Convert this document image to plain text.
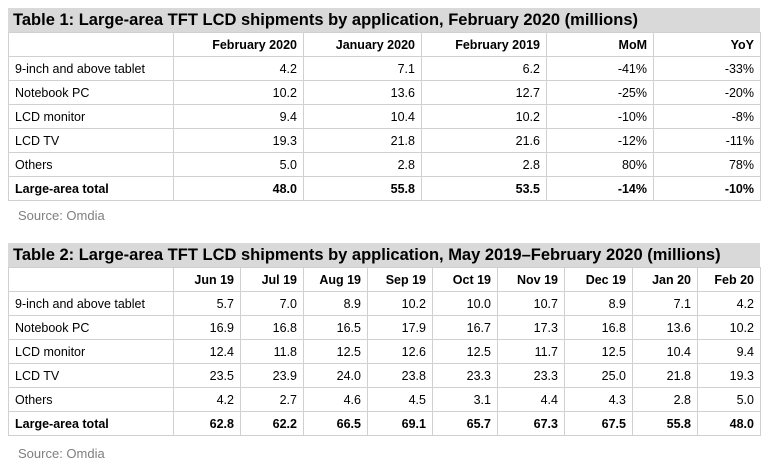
Table 1: Large-area TFT LCD shipments by application, February 2020 (millions)
	February 2020	January 2020	February 2019	MoM	YoY
9-inch and above tablet	4.2	7.1	6.2	-41%	-33%
Notebook PC	10.2	13.6	12.7	-25%	-20%
LCD monitor	9.4	10.4	10.2	-10%	-8%
LCD TV	19.3	21.8	21.6	-12%	-11%
Others	5.0	2.8	2.8	80%	78%
Large-area total	48.0	55.8	53.5	-14%	-10%
Source: Omdia
Table 2: Large-area TFT LCD shipments by application, May 2019–February 2020 (millions)
	Jun 19	Jul 19	Aug 19	Sep 19	Oct 19	Nov 19	Dec 19	Jan 20	Feb 20
9-inch and above tablet	5.7	7.0	8.9	10.2	10.0	10.7	8.9	7.1	4.2
Notebook PC	16.9	16.8	16.5	17.9	16.7	17.3	16.8	13.6	10.2
LCD monitor	12.4	11.8	12.5	12.6	12.5	11.7	12.5	10.4	9.4
LCD TV	23.5	23.9	24.0	23.8	23.3	23.3	25.0	21.8	19.3
Others	4.2	2.7	4.6	4.5	3.1	4.4	4.3	2.8	5.0
Large-area total	62.8	62.2	66.5	69.1	65.7	67.3	67.5	55.8	48.0
Source: Omdia
